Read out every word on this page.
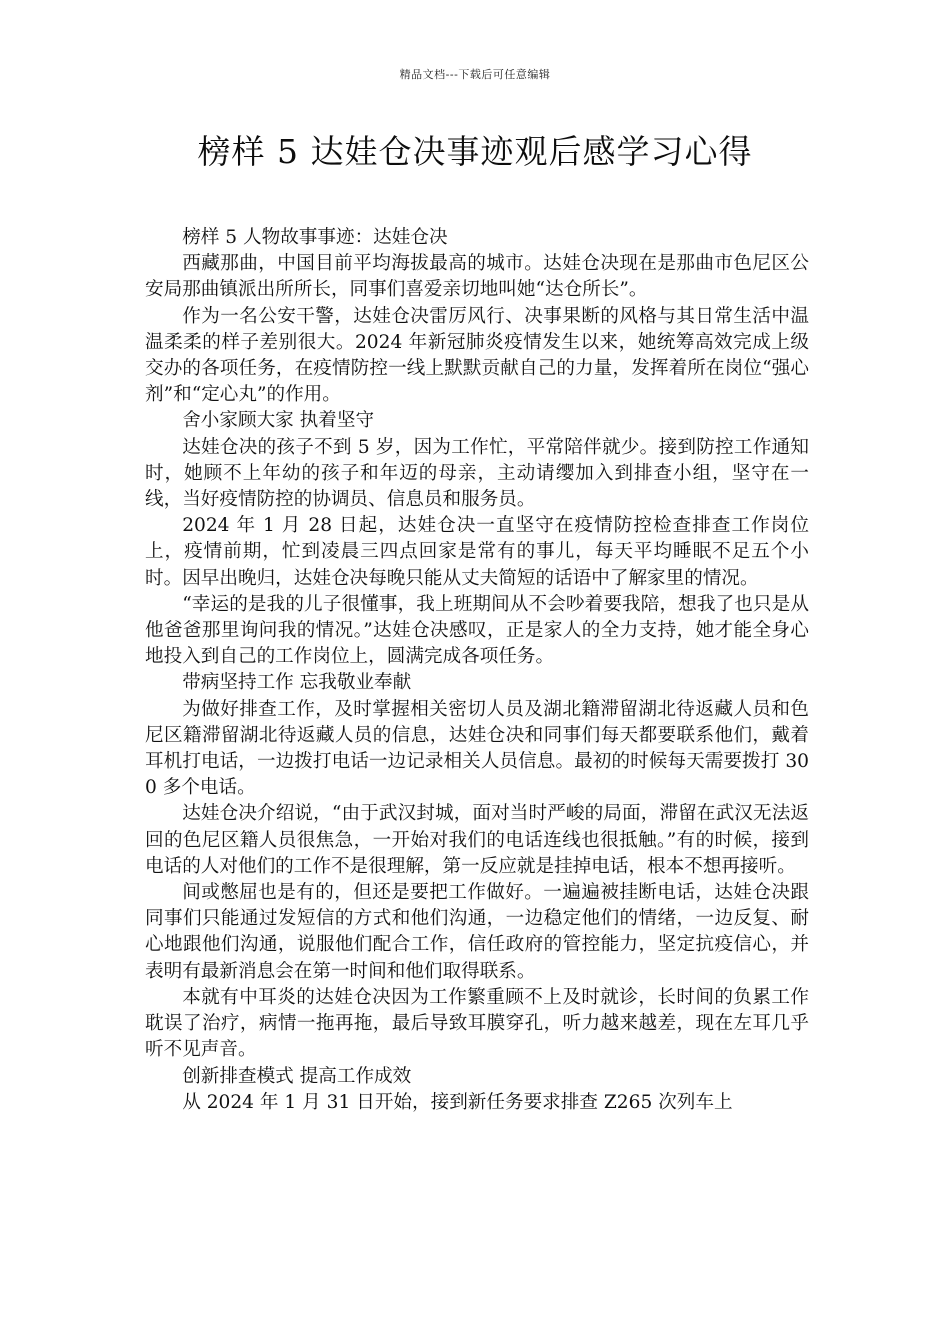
精品文档---下载后可任意编辑
榜样 5 达娃仓决事迹观后感学习心得

榜样 5 人物故事事迹：达娃仓决

西藏那曲，中国目前平均海拔最高的城市。达娃仓决现在是那曲市色尼区公安局那曲镇派出所所长，同事们喜爱亲切地叫她“达仓所长”。

作为一名公安干警，达娃仓决雷厉风行、决事果断的风格与其日常生活中温温柔柔的样子差别很大。2024 年新冠肺炎疫情发生以来，她统筹高效完成上级交办的各项任务，在疫情防控一线上默默贡献自己的力量，发挥着所在岗位“强心剂”和“定心丸”的作用。

舍小家顾大家 执着坚守

达娃仓决的孩子不到 5 岁，因为工作忙，平常陪伴就少。接到防控工作通知时，她顾不上年幼的孩子和年迈的母亲，主动请缨加入到排查小组，坚守在一线，当好疫情防控的协调员、信息员和服务员。

2024 年 1 月 28 日起，达娃仓决一直坚守在疫情防控检查排查工作岗位上，疫情前期，忙到凌晨三四点回家是常有的事儿，每天平均睡眠不足五个小时。因早出晚归，达娃仓决每晚只能从丈夫简短的话语中了解家里的情况。

“幸运的是我的儿子很懂事，我上班期间从不会吵着要我陪，想我了也只是从他爸爸那里询问我的情况。”达娃仓决感叹，正是家人的全力支持，她才能全身心地投入到自己的工作岗位上，圆满完成各项任务。

带病坚持工作 忘我敬业奉献

为做好排查工作，及时掌握相关密切人员及湖北籍滞留湖北待返藏人员和色尼区籍滞留湖北待返藏人员的信息，达娃仓决和同事们每天都要联系他们，戴着耳机打电话，一边拨打电话一边记录相关人员信息。最初的时候每天需要拨打 300 多个电话。

达娃仓决介绍说，“由于武汉封城，面对当时严峻的局面，滞留在武汉无法返回的色尼区籍人员很焦急，一开始对我们的电话连线也很抵触。”有的时候，接到电话的人对他们的工作不是很理解，第一反应就是挂掉电话，根本不想再接听。

间或憋屈也是有的，但还是要把工作做好。一遍遍被挂断电话，达娃仓决跟同事们只能通过发短信的方式和他们沟通，一边稳定他们的情绪，一边反复、耐心地跟他们沟通，说服他们配合工作，信任政府的管控能力，坚定抗疫信心，并表明有最新消息会在第一时间和他们取得联系。

本就有中耳炎的达娃仓决因为工作繁重顾不上及时就诊，长时间的负累工作耽误了治疗，病情一拖再拖，最后导致耳膜穿孔，听力越来越差，现在左耳几乎听不见声音。

创新排查模式 提高工作成效

从 2024 年 1 月 31 日开始，接到新任务要求排查 Z265 次列车上
